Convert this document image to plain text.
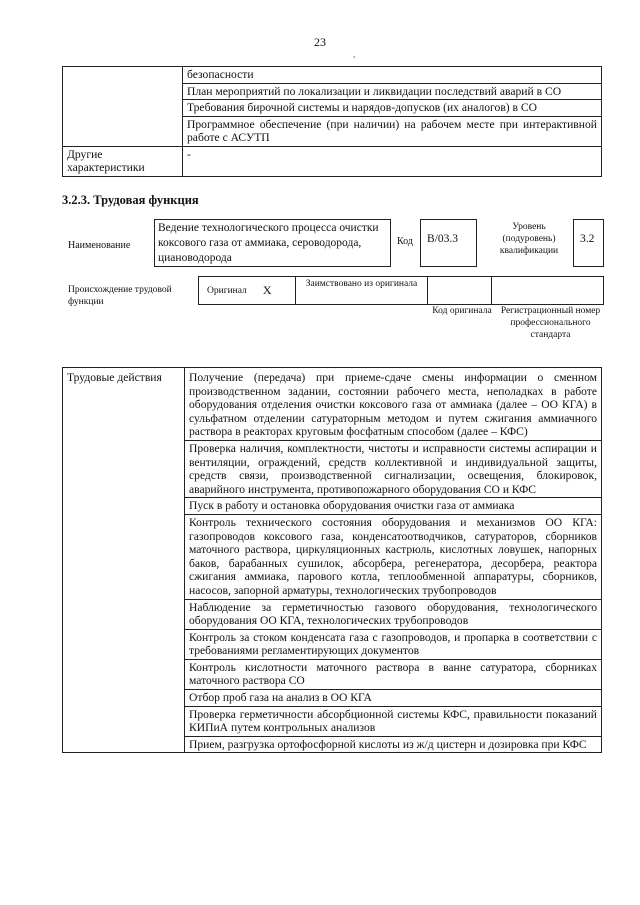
23
,
	безопасности
	План мероприятий по локализации и ликвидации последствий аварий в СО
	Требования бирочной системы и нарядов-допусков (их аналогов) в СО
	Программное обеспечение (при наличии) на рабочем месте при интерактивной работе с АСУТП
Другие характеристики	-
3.2.3. Трудовая функция
Наименование
Ведение технологического процесса очистки коксового газа от аммиака, сероводорода, циановодорода
Код	В/03.3
Уровень (подуровень) квалификации
3.2
Происхождение трудовой функции
Оригинал Х	Заимствовано из оригинала
Код оригинала Регистрационный номер профессионального стандарта
Трудовые действия	Получение (передача) при приеме-сдаче смены информации о сменном производственном задании, состоянии рабочего места, неполадках в работе оборудования отделения очистки коксового газа от аммиака (далее – ОО КГА) в сульфатном отделении сатураторным методом и путем сжигания аммиачного раствора в реакторах круговым фосфатным способом (далее – КФС)
Проверка наличия, комплектности, чистоты и исправности системы аспирации и вентиляции, ограждений, средств коллективной и индивидуальной защиты, средств связи, производственной сигнализации, освещения, блокировок, аварийного инструмента, противопожарного оборудования СО и КФС
Пуск в работу и остановка оборудования очистки газа от аммиака
Контроль технического состояния оборудования и механизмов ОО КГА: газопроводов коксового газа, конденсатоотводчиков, сатураторов, сборников маточного раствора, циркуляционных кастрюль, кислотных ловушек, напорных баков, барабанных сушилок, абсорбера, регенератора, десорбера, реактора сжигания аммиака, парового котла, теплообменной аппаратуры, сборников, насосов, запорной арматуры, технологических трубопроводов
Наблюдение за герметичностью газового оборудования, технологического оборудования ОО КГА, технологических трубопроводов
Контроль за стоком конденсата газа с газопроводов, и пропарка в соответствии с требованиями регламентирующих документов
Контроль кислотности маточного раствора в ванне сатуратора, сборниках маточного раствора СО
Отбор проб газа на анализ в ОО КГА
Проверка герметичности абсорбционной системы КФС, правильности показаний КИПиА путем контрольных анализов
Прием, разгрузка ортофосфорной кислоты из ж/д цистерн и дозировка при КФС
